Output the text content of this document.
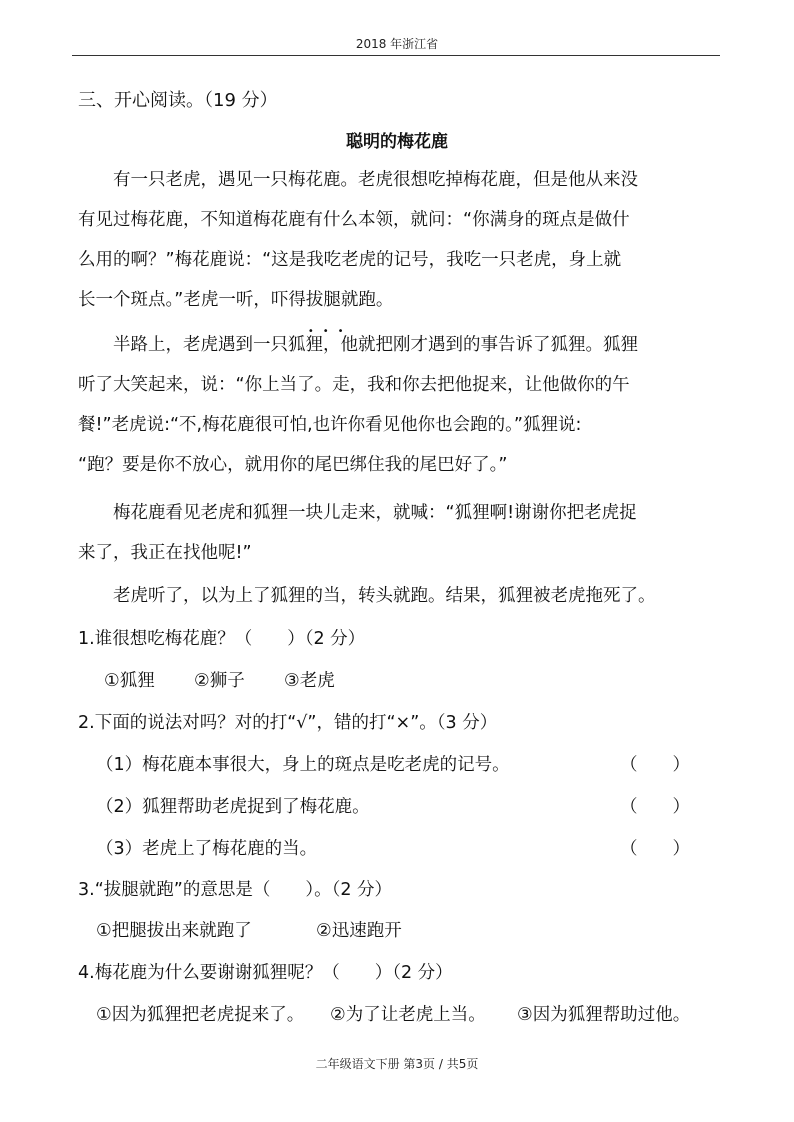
2018 年浙江省
三、开心阅读。（19 分）
聪明的梅花鹿
有一只老虎，遇见一只梅花鹿。老虎很想吃掉梅花鹿，但是他从来没
有见过梅花鹿，不知道梅花鹿有什么本领，就问：“你满身的斑点是做什
么用的啊？”梅花鹿说：“这是我吃老虎的记号，我吃一只老虎，身上就
长一个斑点。”老虎一听，吓得拔腿就跑 •••。
半路上，老虎遇到一只狐狸，他就把刚才遇到的事告诉了狐狸。狐狸
听了大笑起来，说：“你上当了。走，我和你去把他捉来，让他做你的午
餐!”老虎说:“不,梅花鹿很可怕,也许你看见他你也会跑的。”狐狸说:
“跑？要是你不放心，就用你的尾巴绑住我的尾巴好了。”
梅花鹿看见老虎和狐狸一块儿走来，就喊：“狐狸啊!谢谢你把老虎捉
来了，我正在找他呢!”
老虎听了，以为上了狐狸的当，转头就跑。结果，狐狸被老虎拖死了。
1.谁很想吃梅花鹿？（　　）（2 分）
①狐狸 ②狮子 ③老虎
2.下面的说法对吗？对的打“√”，错的打“×”。（3 分）
（1）梅花鹿本事很大，身上的斑点是吃老虎的记号。	（　　）
（2）狐狸帮助老虎捉到了梅花鹿。	（　　）
（3）老虎上了梅花鹿的当。	（　　）
3.“拔腿就跑”的意思是（　　）。（2 分）
①把腿拔出来就跑了	②迅速跑开
4.梅花鹿为什么要谢谢狐狸呢？（　　）（2 分）
①因为狐狸把老虎捉来了。 ②为了让老虎上当。 ③因为狐狸帮助过他。
二年级语文下册 第3页 / 共5页
